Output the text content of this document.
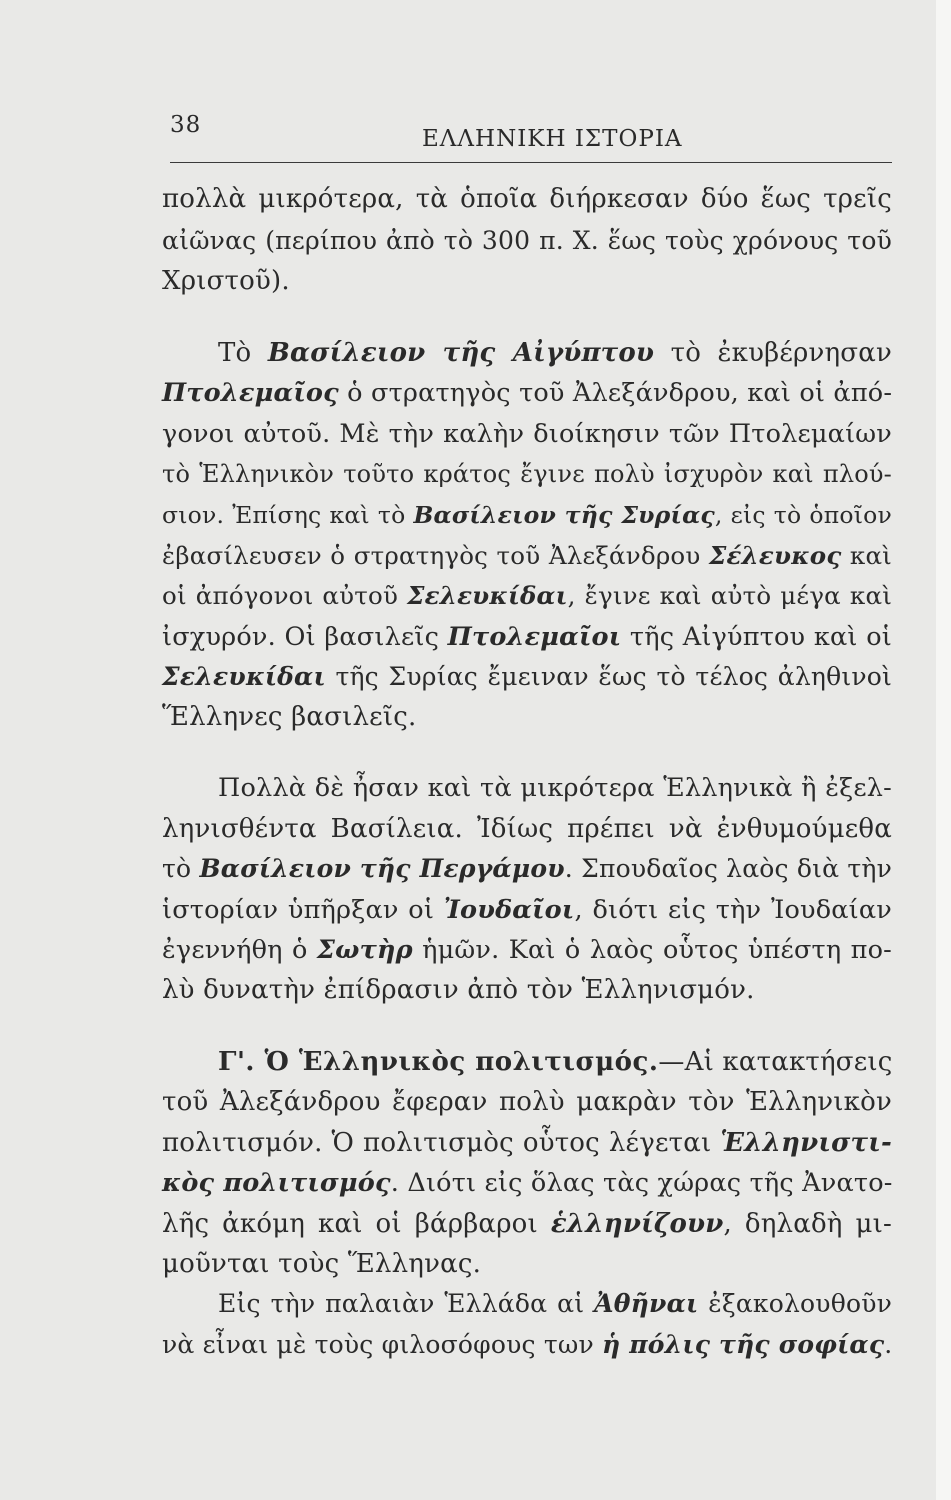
38
ΕΛΛΗΝΙΚΗ ΙΣΤΟΡΙΑ
πολλὰ μικρότερα, τὰ ὁποῖα διήρκεσαν δύο ἕως τρεῖς
αἰῶνας (περίπου ἀπὸ τὸ 300 π. Χ. ἕως τοὺς χρόνους τοῦ
Χριστοῦ).
Τὸ Βασίλειον τῆς Αἰγύπτου τὸ ἐκυβέρνησαν
Πτολεμαῖος ὁ στρατηγὸς τοῦ Ἀλεξάνδρου, καὶ οἱ ἀπό-
γονοι αὐτοῦ. Μὲ τὴν καλὴν διοίκησιν τῶν Πτολεμαίων
τὸ Ἑλληνικὸν τοῦτο κράτος ἔγινε πολὺ ἰσχυρὸν καὶ πλού-
σιον. Ἐπίσης καὶ τὸ Βασίλειον τῆς Συρίας, εἰς τὸ ὁποῖον
ἐβασίλευσεν ὁ στρατηγὸς τοῦ Ἀλεξάνδρου Σέλευκος καὶ
οἱ ἀπόγονοι αὐτοῦ Σελευκίδαι, ἔγινε καὶ αὐτὸ μέγα καὶ
ἰσχυρόν. Οἱ βασιλεῖς Πτολεμαῖοι τῆς Αἰγύπτου καὶ οἱ
Σελευκίδαι τῆς Συρίας ἔμειναν ἕως τὸ τέλος ἀληθινοὶ
Ἕλληνες βασιλεῖς.
Πολλὰ δὲ ἦσαν καὶ τὰ μικρότερα Ἑλληνικὰ ἢ ἐξελ-
ληνισθέντα Βασίλεια. Ἰδίως πρέπει νὰ ἐνθυμούμεθα
τὸ Βασίλειον τῆς Περγάμου. Σπουδαῖος λαὸς διὰ τὴν
ἱστορίαν ὑπῆρξαν οἱ Ἰουδαῖοι, διότι εἰς τὴν Ἰουδαίαν
ἐγεννήθη ὁ Σωτὴρ ἡμῶν. Καὶ ὁ λαὸς οὗτος ὑπέστη πο-
λὺ δυνατὴν ἐπίδρασιν ἀπὸ τὸν Ἑλληνισμόν.
Γ'. Ὁ Ἑλληνικὸς πολιτισμός.—Αἱ κατακτήσεις
τοῦ Ἀλεξάνδρου ἔφεραν πολὺ μακρὰν τὸν Ἑλληνικὸν
πολιτισμόν. Ὁ πολιτισμὸς οὗτος λέγεται Ἑλληνιστι-
κὸς πολιτισμός. Διότι εἰς ὅλας τὰς χώρας τῆς Ἀνατο-
λῆς ἀκόμη καὶ οἱ βάρβαροι ἑλληνίζουν, δηλαδὴ μι-
μοῦνται τοὺς Ἕλληνας.
Εἰς τὴν παλαιὰν Ἑλλάδα αἱ Ἀθῆναι ἐξακολουθοῦν
νὰ εἶναι μὲ τοὺς φιλοσόφους των ἡ πόλις τῆς σοφίας.
